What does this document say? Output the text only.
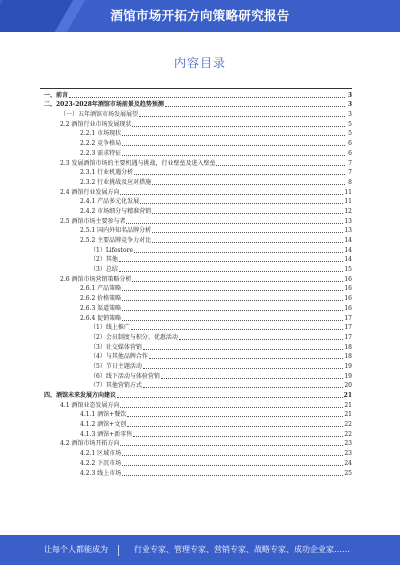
酒馆市场开拓方向策略研究报告
内容目录
一、前言	3
二、2023-2028年酒馆市场前景及趋势预测	3
（一）五年酒馆市场发展展望	3
2.2 酒馆行业市场发展现状	5
2.2.1 市场现状	5
2.2.2 竞争格局	6
2.2.3 需求特征	6
2.3 发展酒馆市场的主要机遇与挑战，行业壁垒及进入壁垒	7
2.3.1 行业机遇分析	7
2.3.2 行业挑战及应对措施	8
2.4 酒馆行业发展方向	11
2.4.1 产品多元化发展	11
2.4.2 市场细分与精准营销	12
2.5 酒馆市场主要参与者	13
2.5.1 国内外知名品牌分析	13
2.5.2 主要品牌竞争力对比	14
（1）Lifestore	14
（2）其他	14
（3）总结	15
2.6 酒馆市场营销策略分析	16
2.6.1 产品策略	16
2.6.2 价格策略	16
2.6.3 渠道策略	16
2.6.4 促销策略	17
（1）线上推广	17
（2）会员制度与积分、优惠活动	17
（3）社交媒体营销	18
（4）与其他品牌合作	18
（5）节日主题活动	19
（6）线下活动与体验营销	19
（7）其他营销方式	20
四、酒馆未来发展方向建议	21
4.1 酒馆业态发展方向	21
4.1.1 酒馆+餐饮	21
4.1.2 酒馆+文创	22
4.1.3 酒馆+新零售	22
4.2 酒馆市场开拓方向	23
4.2.1 区域市场	23
4.2.2 下沉市场	24
4.2.3 线上市场	25
让每个人都能成为	行业专家、管理专家、营销专家、战略专家、成功企业家……
